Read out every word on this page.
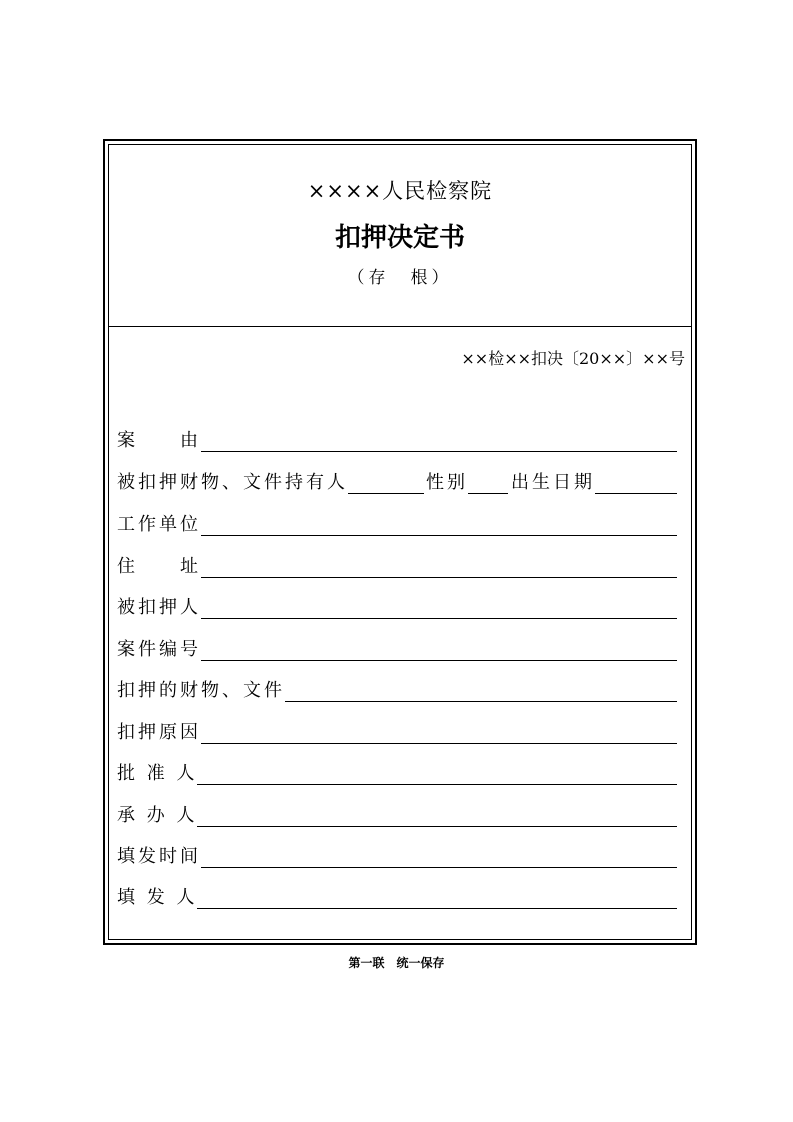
××××人民检察院
扣押决定书
（存　根）
××检××扣决〔20××〕××号
案　　由
被扣押财物、文件持有人	性别 出生日期
工作单位
住　　址
被扣押人
案件编号
扣押的财物、文件
扣押原因
批 准 人
承 办 人
填发时间
填 发 人
第一联　统一保存
